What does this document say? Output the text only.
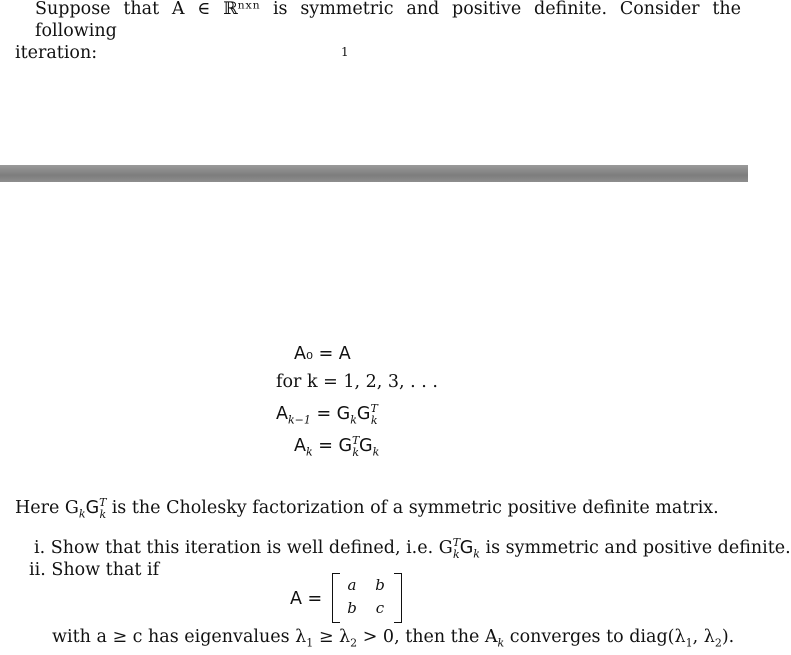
Suppose that A ∈ ℝⁿˣⁿ is symmetric and positive definite. Consider the following
iteration:	1
A₀ = A
for k = 1, 2, 3, . . .
$A_{k-1} = G_kG^T_k$
$A_k = G^T_kG_k$
Here $G_kG^T_k$ is the Cholesky factorization of a symmetric positive definite matrix.
i. Show that this iteration is well defined, i.e. $G^T_kG_k$ is symmetric and positive definite.
ii. Show that if
A =
a	b
b	c
with a ≥ c has eigenvalues $\lambda_1 \ge \lambda_2 > 0$, then the $A_k$ converges to $diag(\lambda_1$, $\lambda_2$).
